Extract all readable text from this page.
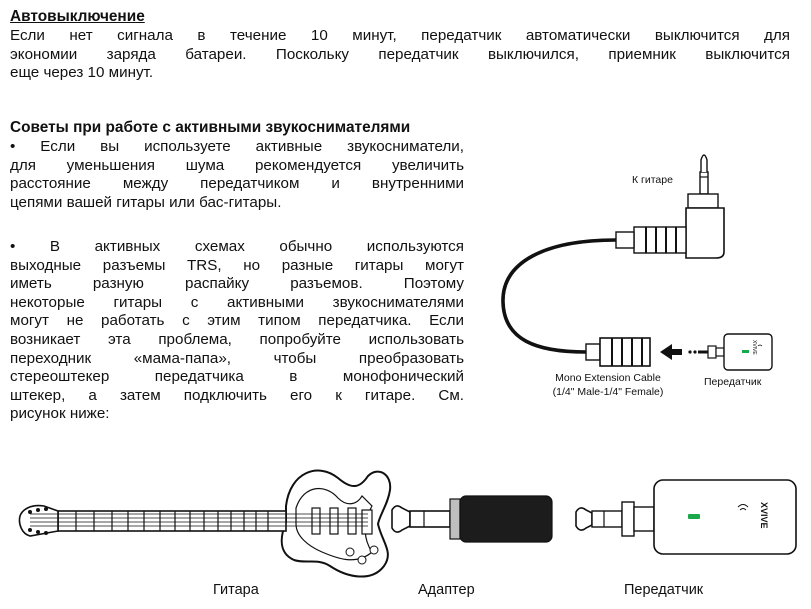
Автовыключение
Если нет сигнала в течение 10 минут, передатчик автоматически выключится для
экономии заряда батареи. Поскольку передатчик выключился, приемник выключится
еще через 10 минут.
Советы при работе с активными звукоснимателями
• Если вы используете активные звукосниматели,
для уменьшения шума рекомендуется увеличить
расстояние между передатчиком и внутренними
цепями вашей гитары или бас-гитары.
• В активных схемах обычно используются
выходные разъемы TRS, но разные гитары могут
иметь разную распайку разъемов. Поэтому
некоторые гитары с активными звукоснимателями
могут не работать с этим типом передатчика. Если
возникает эта проблема, попробуйте использовать
переходник «мама-папа», чтобы преобразовать
стереоштекер передатчика в монофонический
штекер, а затем подключить его к гитаре. См.
рисунок ниже:
К гитаре
Mono Extension Cable
(1/4" Male-1/4" Female)
Передатчик
XVIVE
XVIVE
Гитара	Адаптер	Передатчик
